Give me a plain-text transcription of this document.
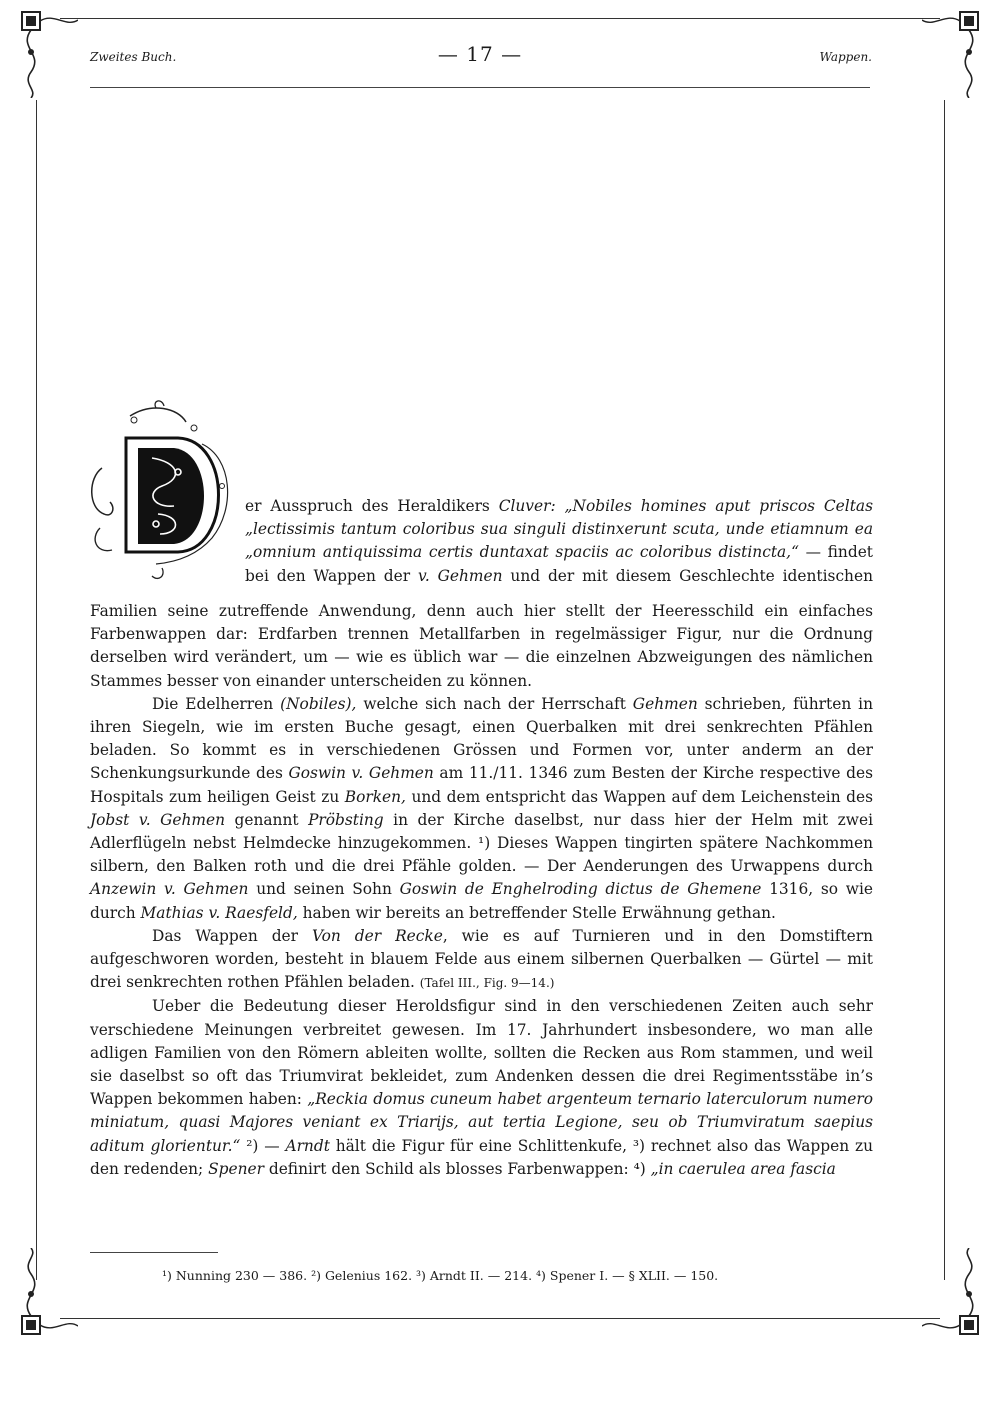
Zweites Buch.	— 17 —	Wappen.

er Ausspruch des Heraldikers Cluver: „Nobiles homines aput priscos Celtas

„lectissimis tantum coloribus sua singuli distinxerunt scuta, unde etiamnum ea

„omnium antiquissima certis duntaxat spaciis ac coloribus distincta,“ — findet

bei den Wappen der v. Gehmen und der mit diesem Geschlechte identischen

Familien seine zutreffende Anwendung, denn auch hier stellt der Heeresschild ein einfaches Farbenwappen dar: Erdfarben trennen Metallfarben in regelmässiger Figur, nur die Ordnung derselben wird verändert, um — wie es üblich war — die einzelnen Abzweigungen des nämlichen Stammes besser von einander unterscheiden zu können.

Die Edelherren (Nobiles), welche sich nach der Herrschaft Gehmen schrieben, führten in ihren Siegeln, wie im ersten Buche gesagt, einen Querbalken mit drei senkrechten Pfählen beladen. So kommt es in verschiedenen Grössen und Formen vor, unter anderm an der Schenkungsurkunde des Goswin v. Gehmen am 11./11. 1346 zum Besten der Kirche respective des Hospitals zum heiligen Geist zu Borken, und dem entspricht das Wappen auf dem Leichenstein des Jobst v. Gehmen genannt Pröbsting in der Kirche daselbst, nur dass hier der Helm mit zwei Adlerflügeln nebst Helmdecke hinzugekommen. ¹) Dieses Wappen tingirten spätere Nachkommen silbern, den Balken roth und die drei Pfähle golden. — Der Aenderungen des Urwappens durch Anzewin v. Gehmen und seinen Sohn Goswin de Enghelroding dictus de Ghemene 1316, so wie durch Mathias v. Raesfeld, haben wir bereits an betreffender Stelle Erwähnung gethan.

Das Wappen der Von der Recke, wie es auf Turnieren und in den Domstiftern aufgeschworen worden, besteht in blauem Felde aus einem silbernen Querbalken — Gürtel — mit drei senkrechten rothen Pfählen beladen. (Tafel III., Fig. 9—14.)

Ueber die Bedeutung dieser Heroldsfigur sind in den verschiedenen Zeiten auch sehr verschiedene Meinungen verbreitet gewesen. Im 17. Jahrhundert insbesondere, wo man alle adligen Familien von den Römern ableiten wollte, sollten die Recken aus Rom stammen, und weil sie daselbst so oft das Triumvirat bekleidet, zum Andenken dessen die drei Regimentsstäbe in’s Wappen bekommen haben: „Reckia domus cuneum habet argenteum ternario laterculorum numero miniatum, quasi Majores veniant ex Triarijs, aut tertia Legione, seu ob Triumviratum saepius aditum glorientur.“ ²) — Arndt hält die Figur für eine Schlittenkufe, ³) rechnet also das Wappen zu den redenden; Spener definirt den Schild als blosses Farbenwappen: ⁴) „in caerulea area fascia

¹) Nunning 230 — 386. ²) Gelenius 162. ³) Arndt II. — 214. ⁴) Spener I. — § XLII. — 150.
